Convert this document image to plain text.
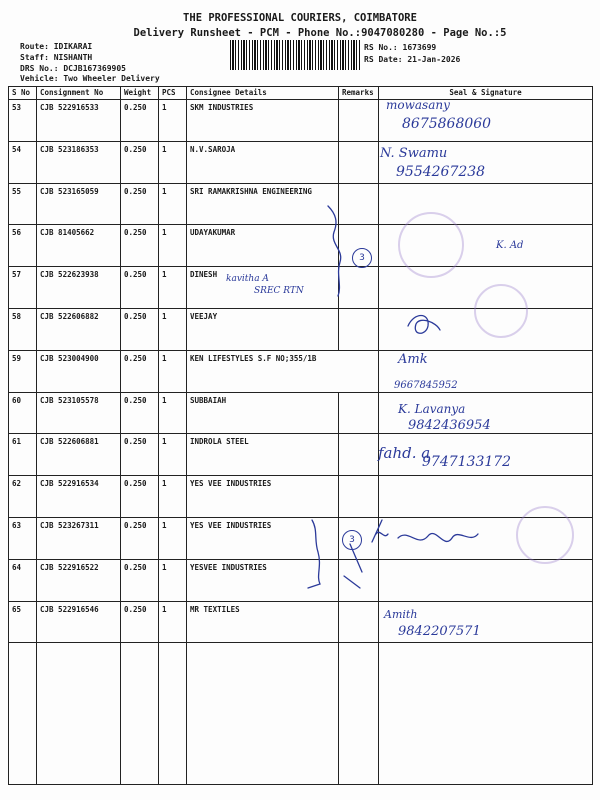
THE PROFESSIONAL COURIERS, COIMBATORE
Delivery Runsheet - PCM - Phone No.:9047080280 - Page No.:5
Route: IDIKARAI
Staff: NISHANTH
DRS No.: DCJB167369905
Vehicle: Two Wheeler Delivery
RS No.: 1673699
RS Date: 21-Jan-2026
S No	Consignment No	Weight	PCS	Consignee Details	Remarks	Seal & Signature
53	CJB 522916533	0.250	1	SKM INDUSTRIES		
54	CJB 523186353	0.250	1	N.V.SAROJA		
55	CJB 523165059	0.250	1	SRI RAMAKRISHNA ENGINEERING		
56	CJB 81405662	0.250	1	UDAYAKUMAR		
57	CJB 522623938	0.250	1	DINESH		
58	CJB 522606882	0.250	1	VEEJAY		
59	CJB 523004900	0.250	1	KEN LIFESTYLES S.F NO;355/1B		
60	CJB 523105578	0.250	1	SUBBAIAH		
61	CJB 522606881	0.250	1	INDROLA STEEL		
62	CJB 522916534	0.250	1	YES VEE INDUSTRIES		
63	CJB 523267311	0.250	1	YES VEE INDUSTRIES		
64	CJB 522916522	0.250	1	YESVEE INDUSTRIES		
65	CJB 522916546	0.250	1	MR TEXTILES		

mowasany
8675868060
N. Swamu
9554267238
K. Ad
kavitha A
SREC RTN
Amk
9667845952
K. Lavanya
9842436954
fahd. a
9747133172
Amith
9842207571
3
3
